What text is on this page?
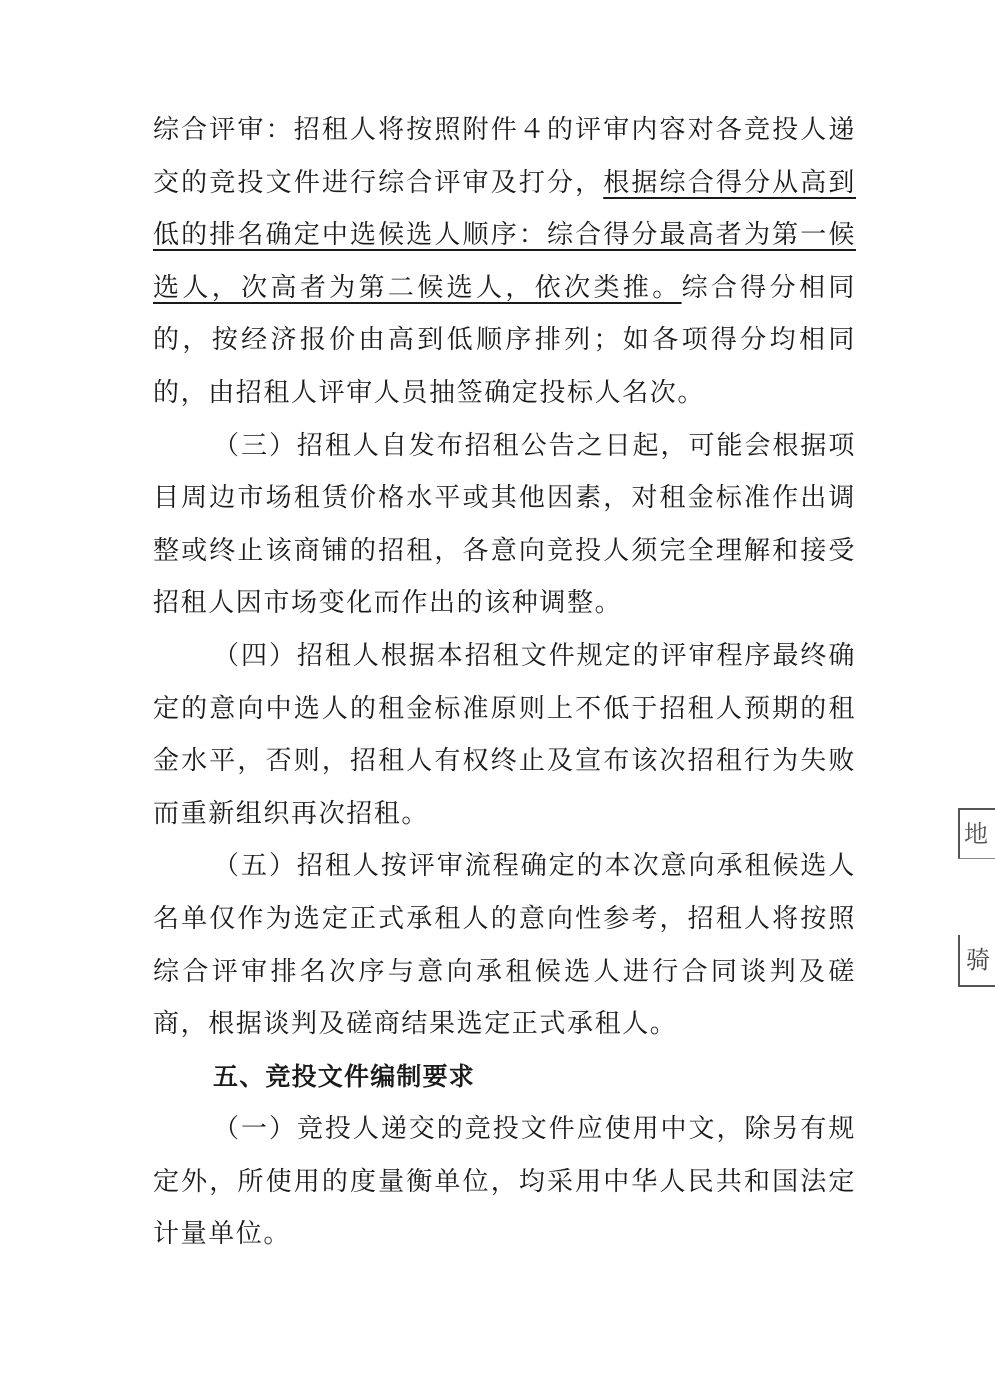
综合评审：招租人将按照附件４的评审内容对各竞投人递交的竞投文件进行综合评审及打分，根据综合得分从高到低的排名确定中选候选人顺序：综合得分最高者为第一候选人，次高者为第二候选人，依次类推。综合得分相同的，按经济报价由高到低顺序排列；如各项得分均相同的，由招租人评审人员抽签确定投标人名次。

（三）招租人自发布招租公告之日起，可能会根据项目周边市场租赁价格水平或其他因素，对租金标准作出调整或终止该商铺的招租，各意向竞投人须完全理解和接受招租人因市场变化而作出的该种调整。

（四）招租人根据本招租文件规定的评审程序最终确定的意向中选人的租金标准原则上不低于招租人预期的租金水平，否则，招租人有权终止及宣布该次招租行为失败而重新组织再次招租。

（五）招租人按评审流程确定的本次意向承租候选人名单仅作为选定正式承租人的意向性参考，招租人将按照综合评审排名次序与意向承租候选人进行合同谈判及磋商，根据谈判及磋商结果选定正式承租人。

五、竞投文件编制要求

（一）竞投人递交的竞投文件应使用中文，除另有规定外，所使用的度量衡单位，均采用中华人民共和国法定计量单位。

地
骑
